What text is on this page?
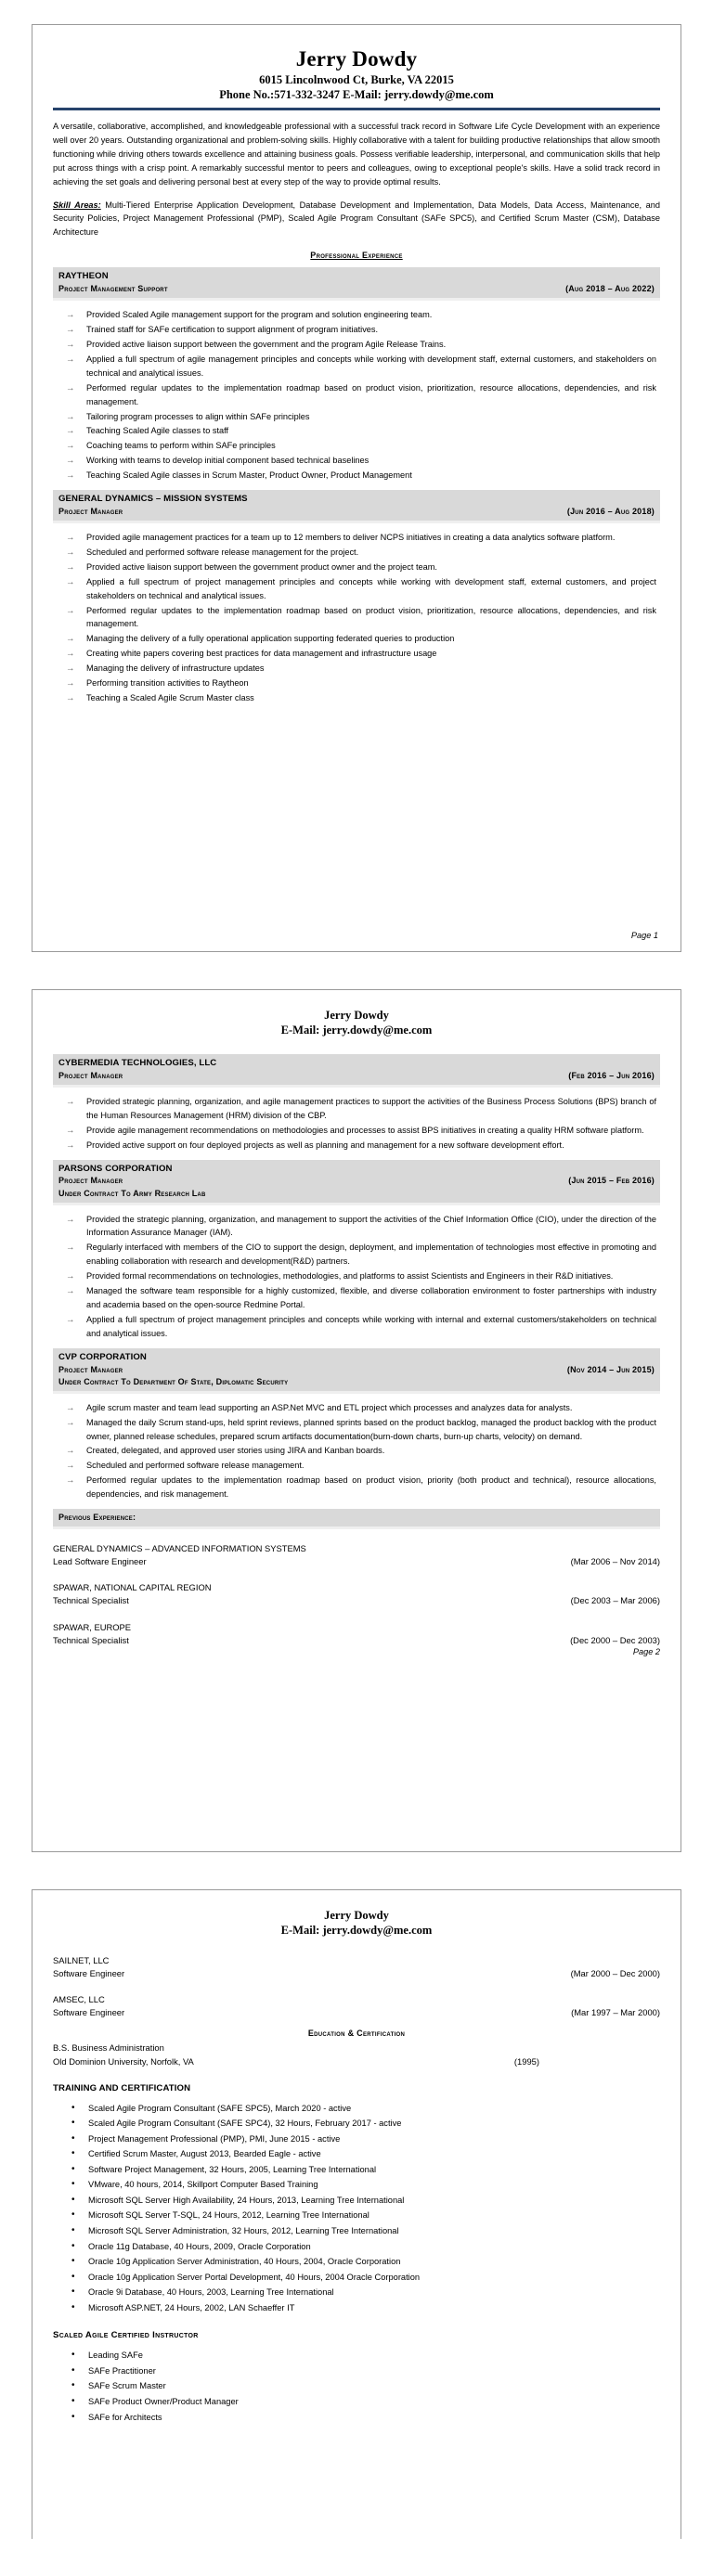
Jerry Dowdy
6015 Lincolnwood Ct, Burke, VA 22015
Phone No.:571-332-3247 E-Mail: jerry.dowdy@me.com
A versatile, collaborative, accomplished, and knowledgeable professional with a successful track record in Software Life Cycle Development with an experience well over 20 years. Outstanding organizational and problem-solving skills. Highly collaborative with a talent for building productive relationships that allow smooth functioning while driving others towards excellence and attaining business goals. Possess verifiable leadership, interpersonal, and communication skills that help put across things with a crisp point. A remarkably successful mentor to peers and colleagues, owing to exceptional people's skills. Have a solid track record in achieving the set goals and delivering personal best at every step of the way to provide optimal results.
Skill Areas: Multi-Tiered Enterprise Application Development, Database Development and Implementation, Data Models, Data Access, Maintenance, and Security Policies, Project Management Professional (PMP), Scaled Agile Program Consultant (SAFe SPC5), and Certified Scrum Master (CSM), Database Architecture
Professional Experience
RAYTHEON
Project Management Support	(Aug 2018 – Aug 2022)
→ Provided Scaled Agile management support for the program and solution engineering team.
→ Trained staff for SAFe certification to support alignment of program initiatives.
→ Provided active liaison support between the government and the program Agile Release Trains.
→ Applied a full spectrum of agile management principles and concepts while working with development staff, external customers, and stakeholders on technical and analytical issues.
→ Performed regular updates to the implementation roadmap based on product vision, prioritization, resource allocations, dependencies, and risk management.
→ Tailoring program processes to align within SAFe principles
→ Teaching Scaled Agile classes to staff
→ Coaching teams to perform within SAFe principles
→ Working with teams to develop initial component based technical baselines
→ Teaching Scaled Agile classes in Scrum Master, Product Owner, Product Management
GENERAL DYNAMICS – MISSION SYSTEMS
Project Manager	(Jun 2016 – Aug 2018)
→ Provided agile management practices for a team up to 12 members to deliver NCPS initiatives in creating a data analytics software platform.
→ Scheduled and performed software release management for the project.
→ Provided active liaison support between the government product owner and the project team.
→ Applied a full spectrum of project management principles and concepts while working with development staff, external customers, and project stakeholders on technical and analytical issues.
→ Performed regular updates to the implementation roadmap based on product vision, prioritization, resource allocations, dependencies, and risk management.
→ Managing the delivery of a fully operational application supporting federated queries to production
→ Creating white papers covering best practices for data management and infrastructure usage
→ Managing the delivery of infrastructure updates
→ Performing transition activities to Raytheon
→ Teaching a Scaled Agile Scrum Master class
Page 1
Jerry Dowdy
E-Mail: jerry.dowdy@me.com
CYBERMEDIA TECHNOLOGIES, LLC
Project Manager	(Feb 2016 – Jun 2016)
→ Provided strategic planning, organization, and agile management practices to support the activities of the Business Process Solutions (BPS) branch of the Human Resources Management (HRM) division of the CBP.
→ Provide agile management recommendations on methodologies and processes to assist BPS initiatives in creating a quality HRM software platform.
→ Provided active support on four deployed projects as well as planning and management for a new software development effort.
PARSONS CORPORATION
Project Manager	(Jun 2015 – Feb 2016)
Under Contract To Army Research Lab
→ Provided the strategic planning, organization, and management to support the activities of the Chief Information Office (CIO), under the direction of the Information Assurance Manager (IAM).
→ Regularly interfaced with members of the CIO to support the design, deployment, and implementation of technologies most effective in promoting and enabling collaboration with research and development(R&D) partners.
→ Provided formal recommendations on technologies, methodologies, and platforms to assist Scientists and Engineers in their R&D initiatives.
→ Managed the software team responsible for a highly customized, flexible, and diverse collaboration environment to foster partnerships with industry and academia based on the open-source Redmine Portal.
→ Applied a full spectrum of project management principles and concepts while working with internal and external customers/stakeholders on technical and analytical issues.
CVP CORPORATION
Project Manager	(Nov 2014 – Jun 2015)
Under Contract To Department Of State, Diplomatic Security
→ Agile scrum master and team lead supporting an ASP.Net MVC and ETL project which processes and analyzes data for analysts.
→ Managed the daily Scrum stand-ups, held sprint reviews, planned sprints based on the product backlog, managed the product backlog with the product owner, planned release schedules, prepared scrum artifacts documentation(burn-down charts, burn-up charts, velocity) on demand.
→ Created, delegated, and approved user stories using JIRA and Kanban boards.
→ Scheduled and performed software release management.
→ Performed regular updates to the implementation roadmap based on product vision, priority (both product and technical), resource allocations, dependencies, and risk management.
Previous Experience:
GENERAL DYNAMICS – ADVANCED INFORMATION SYSTEMS
Lead Software Engineer	(Mar 2006 – Nov 2014)
SPAWAR, NATIONAL CAPITAL REGION
Technical Specialist	(Dec 2003 – Mar 2006)
SPAWAR, EUROPE
Technical Specialist	(Dec 2000 – Dec 2003)
Page 2
Jerry Dowdy
E-Mail: jerry.dowdy@me.com
SAILNET, LLC
Software Engineer	(Mar 2000 – Dec 2000)
AMSEC, LLC
Software Engineer	(Mar 1997 – Mar 2000)
Education & Certification
B.S. Business Administration
Old Dominion University, Norfolk, VA	(1995)
TRAINING AND CERTIFICATION
• Scaled Agile Program Consultant (SAFE SPC5), March 2020 - active
• Scaled Agile Program Consultant (SAFE SPC4), 32 Hours, February 2017 - active
• Project Management Professional (PMP), PMI, June 2015 - active
• Certified Scrum Master, August 2013, Bearded Eagle - active
• Software Project Management, 32 Hours, 2005, Learning Tree International
• VMware, 40 hours, 2014, Skillport Computer Based Training
• Microsoft SQL Server High Availability, 24 Hours, 2013, Learning Tree International
• Microsoft SQL Server T-SQL, 24 Hours, 2012, Learning Tree International
• Microsoft SQL Server Administration, 32 Hours, 2012, Learning Tree International
• Oracle 11g Database, 40 Hours, 2009, Oracle Corporation
• Oracle 10g Application Server Administration, 40 Hours, 2004, Oracle Corporation
• Oracle 10g Application Server Portal Development, 40 Hours, 2004 Oracle Corporation
• Oracle 9i Database, 40 Hours, 2003, Learning Tree International
• Microsoft ASP.NET, 24 Hours, 2002, LAN Schaeffer IT
Scaled Agile Certified Instructor
• Leading SAFe
• SAFe Practitioner
• SAFe Scrum Master
• SAFe Product Owner/Product Manager
• SAFe for Architects
